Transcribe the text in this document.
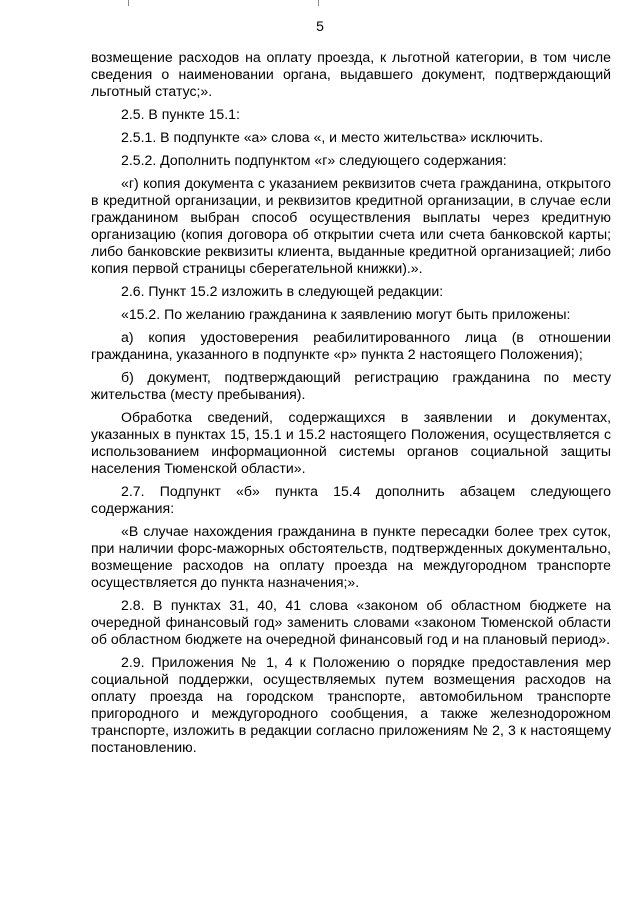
5

возмещение расходов на оплату проезда, к льготной категории, в том числе сведения о наименовании органа, выдавшего документ, подтверждающий льготный статус;».

2.5. В пункте 15.1:

2.5.1. В подпункте «а» слова «, и место жительства» исключить.

2.5.2. Дополнить подпунктом «г» следующего содержания:

«г) копия документа с указанием реквизитов счета гражданина, открытого в кредитной организации, и реквизитов кредитной организации, в случае если гражданином выбран способ осуществления выплаты через кредитную организацию (копия договора об открытии счета или счета банковской карты; либо банковские реквизиты клиента, выданные кредитной организацией; либо копия первой страницы сберегательной книжки).».

2.6. Пункт 15.2 изложить в следующей редакции:

«15.2. По желанию гражданина к заявлению могут быть приложены:

а) копия удостоверения реабилитированного лица (в отношении гражданина, указанного в подпункте «р» пункта 2 настоящего Положения);

б) документ, подтверждающий регистрацию гражданина по месту жительства (месту пребывания).

Обработка сведений, содержащихся в заявлении и документах, указанных в пунктах 15, 15.1 и 15.2 настоящего Положения, осуществляется с использованием информационной системы органов социальной защиты населения Тюменской области».

2.7. Подпункт «б» пункта 15.4 дополнить абзацем следующего содержания:

«В случае нахождения гражданина в пункте пересадки более трех суток, при наличии форс-мажорных обстоятельств, подтвержденных документально, возмещение расходов на оплату проезда на междугородном транспорте осуществляется до пункта назначения;».

2.8. В пунктах 31, 40, 41 слова «законом об областном бюджете на очередной финансовый год» заменить словами «законом Тюменской области об областном бюджете на очередной финансовый год и на плановый период».

2.9. Приложения № 1, 4 к Положению о порядке предоставления мер социальной поддержки, осуществляемых путем возмещения расходов на оплату проезда на городском транспорте, автомобильном транспорте пригородного и междугородного сообщения, а также железнодорожном транспорте, изложить в редакции согласно приложениям № 2, 3 к настоящему постановлению.
